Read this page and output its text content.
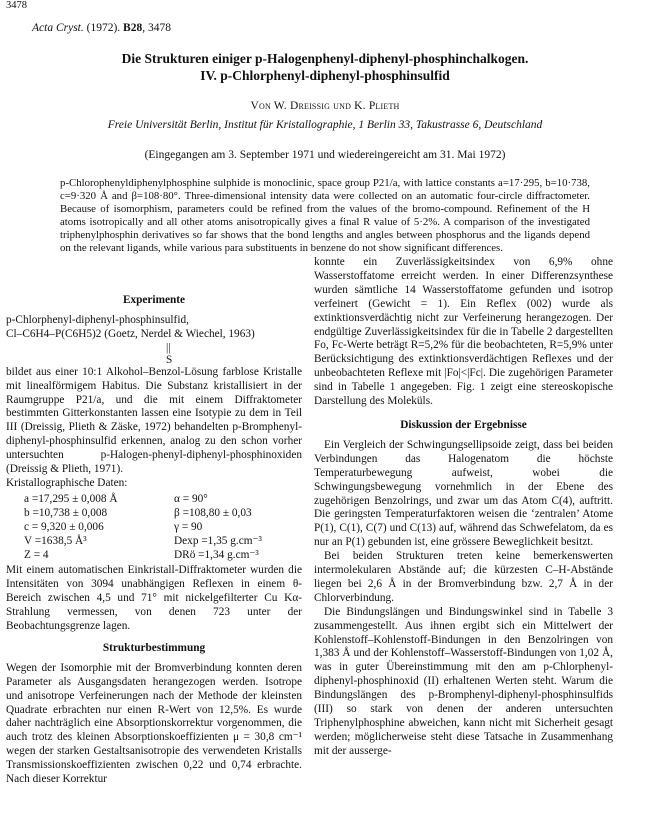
3478
Acta Cryst. (1972). B28, 3478
Die Strukturen einiger p-Halogenphenyl-diphenyl-phosphinchalkogen.
IV. p-Chlorphenyl-diphenyl-phosphinsulfid
Von W. Dreissig und K. Plieth
Freie Universität Berlin, Institut für Kristallographie, 1 Berlin 33, Takustrasse 6, Deutschland
(Eingegangen am 3. September 1971 und wiedereingereicht am 31. Mai 1972)
p-Chlorophenyldiphenylphosphine sulphide is monoclinic, space group P21/a, with lattice constants a=17·295, b=10·738, c=9·320 Å and β=108·80°. Three-dimensional intensity data were collected on an automatic four-circle diffractometer. Because of isomorphism, parameters could be refined from the values of the bromo-compound. Refinement of the H atoms isotropically and all other atoms anisotropically gives a final R value of 5·2%. A comparison of the investigated triphenylphosphin derivatives so far shows that the bond lengths and angles between phosphorus and the ligands depend on the relevant ligands, while various para substituents in benzene do not show significant differences.
Experimente
p-Chlorphenyl-diphenyl-phosphinsulfid,
Cl–C6H4–P(C6H5)2 (Goetz, Nerdel & Wiechel, 1963)
||
S

bildet aus einer 10:1 Alkohol–Benzol-Lösung farblose Kristalle mit linealförmigem Habitus. Die Substanz kristallisiert in der Raumgruppe P21/a, und die mit einem Diffraktometer bestimmten Gitterkonstanten lassen eine Isotypie zu dem in Teil III (Dreissig, Plieth & Zäske, 1972) behandelten p-Bromphenyl-diphenyl-phosphinsulfid erkennen, analog zu den schon vorher untersuchten p-Halogen-phenyl-diphenyl-phosphinoxiden (Dreissig & Plieth, 1971).

Kristallographische Daten:
a =17,295 ± 0,008 Å	α = 90°
b =10,738 ± 0,008	β =108,80 ± 0,03
c = 9,320 ± 0,006	γ = 90
V =1638,5 Å³	Dexp =1,35 g.cm⁻³
Z = 4	DRö =1,34 g.cm⁻³

Mit einem automatischen Einkristall-Diffraktometer wurden die Intensitäten von 3094 unabhängigen Reflexen in einem θ-Bereich zwischen 4,5 und 71° mit nickelgefilterter Cu Kα-Strahlung vermessen, von denen 723 unter der Beobachtungsgrenze lagen.

Strukturbestimmung

Wegen der Isomorphie mit der Bromverbindung konnten deren Parameter als Ausgangsdaten herangezogen werden. Isotrope und anisotrope Verfeinerungen nach der Methode der kleinsten Quadrate erbrachten nur einen R-Wert von 12,5%. Es wurde daher nachträglich eine Absorptionskorrektur vorgenommen, die auch trotz des kleinen Absorptionskoeffizienten μ = 30,8 cm⁻¹ wegen der starken Gestaltsanisotropie des verwendeten Kristalls Transmissionskoeffizienten zwischen 0,22 und 0,74 erbrachte. Nach dieser Korrektur

konnte ein Zuverlässigkeitsindex von 6,9% ohne Wasserstoffatome erreicht werden. In einer Differenzsynthese wurden sämtliche 14 Wasserstoffatome gefunden und isotrop verfeinert (Gewicht = 1). Ein Reflex (002) wurde als extinktionsverdächtig nicht zur Verfeinerung herangezogen. Der endgültige Zuverlässigkeitsindex für die in Tabelle 2 dargestellten Fo, Fc-Werte beträgt R=5,2% für die beobachteten, R=5,9% unter Berücksichtigung des extinktionsverdächtigen Reflexes und der unbeobachteten Reflexe mit |Fo|<|Fc|. Die zugehörigen Parameter sind in Tabelle 1 angegeben. Fig. 1 zeigt eine stereoskopische Darstellung des Moleküls.

Diskussion der Ergebnisse

Ein Vergleich der Schwingungsellipsoide zeigt, dass bei beiden Verbindungen das Halogenatom die höchste Temperaturbewegung aufweist, wobei die Schwingungsbewegung vornehmlich in der Ebene des zugehörigen Benzolrings, und zwar um das Atom C(4), auftritt. Die geringsten Temperaturfaktoren weisen die ‘zentralen’ Atome P(1), C(1), C(7) und C(13) auf, während das Schwefelatom, da es nur an P(1) gebunden ist, eine grössere Beweglichkeit besitzt.

Bei beiden Strukturen treten keine bemerkenswerten intermolekularen Abstände auf; die kürzesten C–H-Abstände liegen bei 2,6 Å in der Bromverbindung bzw. 2,7 Å in der Chlorverbindung.

Die Bindungslängen und Bindungswinkel sind in Tabelle 3 zusammengestellt. Aus ihnen ergibt sich ein Mittelwert der Kohlenstoff–Kohlenstoff-Bindungen in den Benzolringen von 1,383 Å und der Kohlenstoff–Wasserstoff-Bindungen von 1,02 Å, was in guter Übereinstimmung mit den am p-Chlorphenyl-diphenyl-phosphinoxid (II) erhaltenen Werten steht. Warum die Bindungslängen des p-Bromphenyl-diphenyl-phosphinsulfids (III) so stark von denen der anderen untersuchten Triphenylphosphine abweichen, kann nicht mit Sicherheit gesagt werden; möglicherweise steht diese Tatsache in Zusammenhang mit der ausserge-
